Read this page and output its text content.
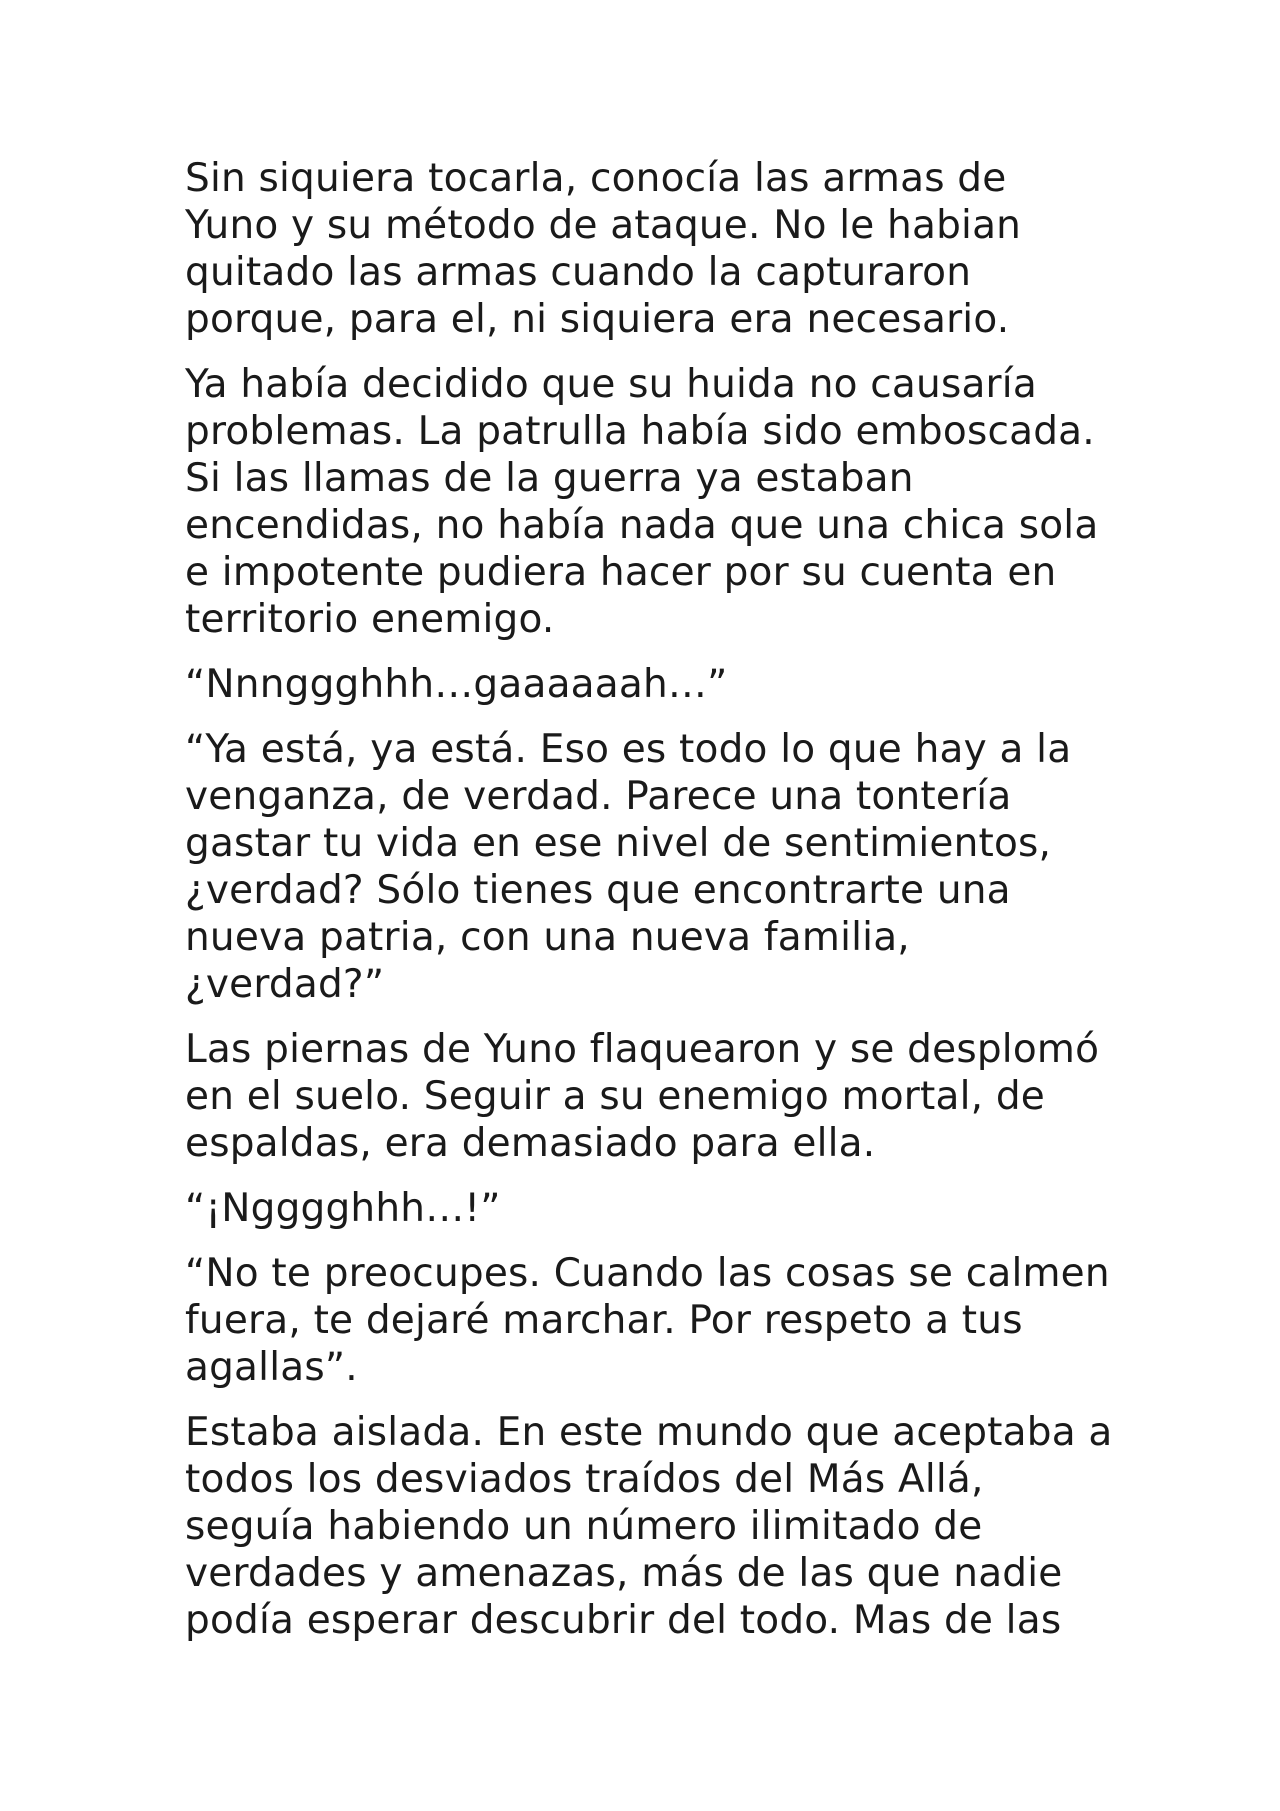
Sin siquiera tocarla, conocía las armas de
Yuno y su método de ataque. No le habian
quitado las armas cuando la capturaron
porque, para el, ni siquiera era necesario.

Ya había decidido que su huida no causaría
problemas. La patrulla había sido emboscada.
Si las llamas de la guerra ya estaban
encendidas, no había nada que una chica sola
e impotente pudiera hacer por su cuenta en
territorio enemigo.

“Nnnggghhh…gaaaaaah…”

“Ya está, ya está. Eso es todo lo que hay a la
venganza, de verdad. Parece una tontería
gastar tu vida en ese nivel de sentimientos,
¿verdad? Sólo tienes que encontrarte una
nueva patria, con una nueva familia,
¿verdad?”

Las piernas de Yuno flaquearon y se desplomó
en el suelo. Seguir a su enemigo mortal, de
espaldas, era demasiado para ella.

“¡Ngggghhh…!”

“No te preocupes. Cuando las cosas se calmen
fuera, te dejaré marchar. Por respeto a tus
agallas”.

Estaba aislada. En este mundo que aceptaba a
todos los desviados traídos del Más Allá,
seguía habiendo un número ilimitado de
verdades y amenazas, más de las que nadie
podía esperar descubrir del todo. Mas de las
